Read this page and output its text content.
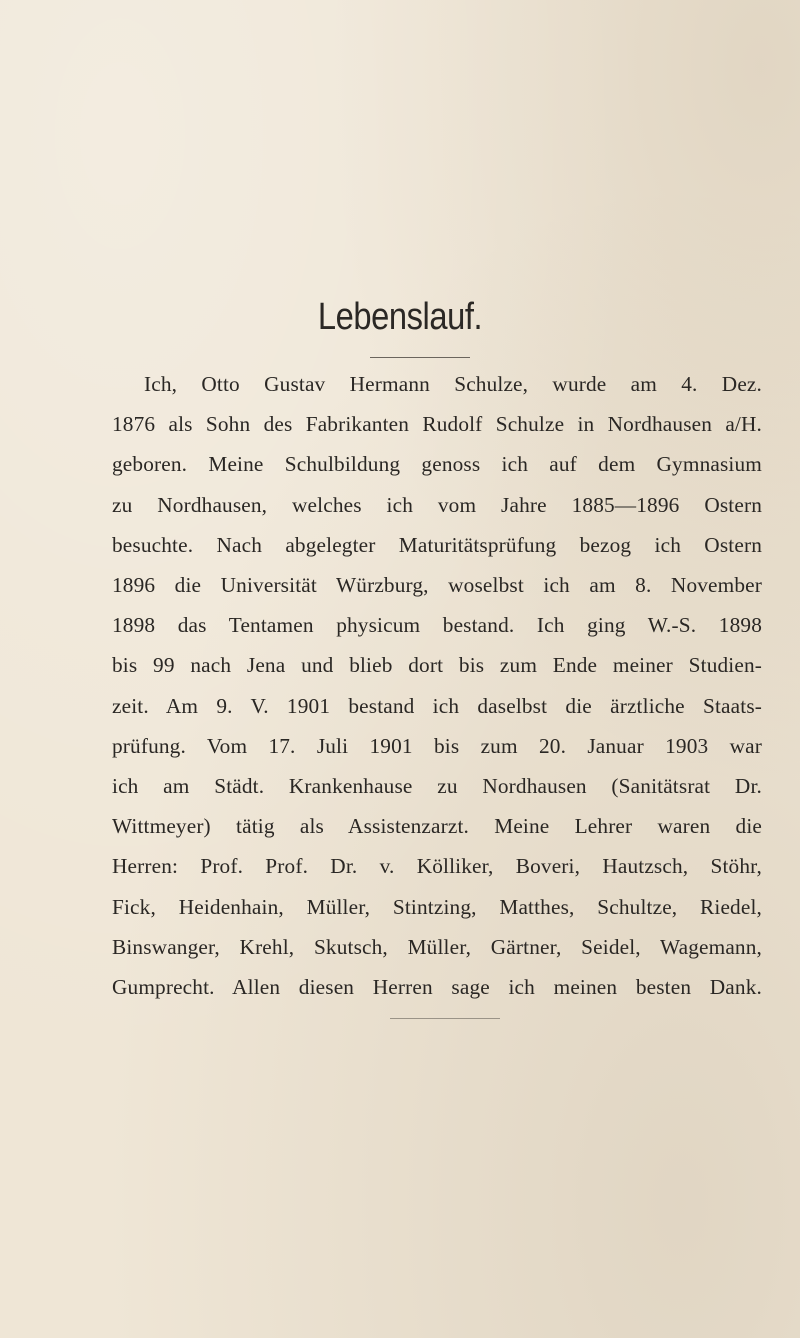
Lebenslauf.
Ich, Otto Gustav Hermann Schulze, wurde am 4. Dez.
1876 als Sohn des Fabrikanten Rudolf Schulze in Nordhausen a/H.
geboren. Meine Schulbildung genoss ich auf dem Gymnasium
zu Nordhausen, welches ich vom Jahre 1885—1896 Ostern
besuchte. Nach abgelegter Maturitätsprüfung bezog ich Ostern
1896 die Universität Würzburg, woselbst ich am 8. November
1898 das Tentamen physicum bestand. Ich ging W.-S. 1898
bis 99 nach Jena und blieb dort bis zum Ende meiner Studien-
zeit. Am 9. V. 1901 bestand ich daselbst die ärztliche Staats-
prüfung. Vom 17. Juli 1901 bis zum 20. Januar 1903 war
ich am Städt. Krankenhause zu Nordhausen (Sanitätsrat Dr.
Wittmeyer) tätig als Assistenzarzt. Meine Lehrer waren die
Herren: Prof. Prof. Dr. v. Kölliker, Boveri, Hautzsch, Stöhr,
Fick, Heidenhain, Müller, Stintzing, Matthes, Schultze, Riedel,
Binswanger, Krehl, Skutsch, Müller, Gärtner, Seidel, Wagemann,
Gumprecht. Allen diesen Herren sage ich meinen besten Dank.
